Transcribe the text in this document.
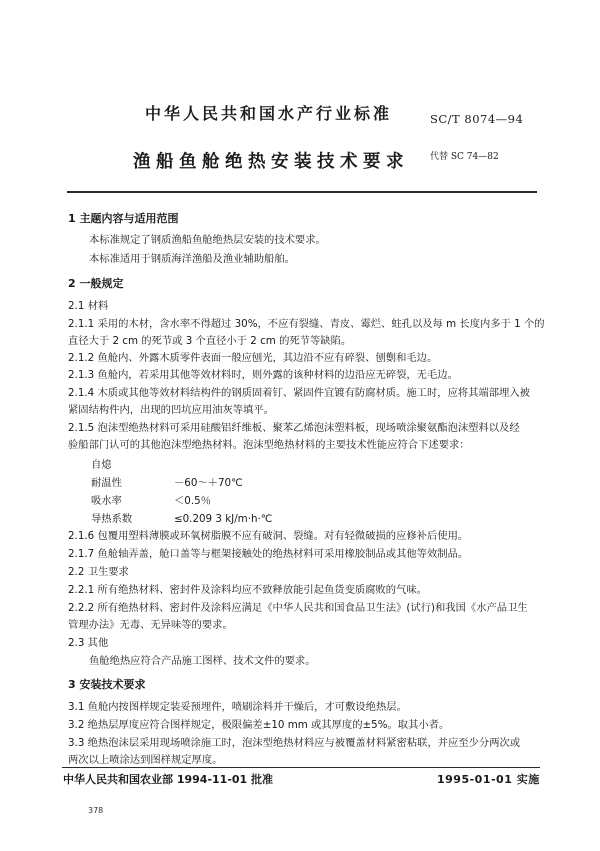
中华人民共和国水产行业标准	SC/T 8074—94
渔船鱼舱绝热安装技术要求 代替 SC 74—82
1 主题内容与适用范围
本标准规定了钢质渔船鱼舱绝热层安装的技术要求。
本标准适用于钢质海洋渔船及渔业辅助船舶。
2 一般规定
2.1 材料
2.1.1 采用的木材，含水率不得超过 30%，不应有裂缝、青皮、霉烂、蛀孔以及每 m 长度内多于 1 个的
直径大于 2 cm 的死节或 3 个直径小于 2 cm 的死节等缺陷。
2.1.2 鱼舱内、外露木质零件表面一般应刨光，其边沿不应有碎裂、刨劐和毛边。
2.1.3 鱼舱内，若采用其他等效材料时，则外露的该种材料的边沿应无碎裂，无毛边。
2.1.4 木质或其他等效材料结构件的钢质固着钉、紧固件宜镀有防腐材质。施工时，应将其端部埋入被
紧固结构件内，出现的凹坑应用油灰等填平。
2.1.5 泡沫型绝热材料可采用硅酸铝纤维板、聚苯乙烯泡沫塑料板，现场喷涂聚氨酯泡沫塑料以及经
验船部门认可的其他泡沫型绝热材料。泡沫型绝热材料的主要技术性能应符合下述要求：
自熄
耐温性	－60～＋70℃
吸水率	＜0.5％
导热系数	≤0.209 3 kJ/m·h·℃
2.1.6 包覆用塑料薄膜或环氧树脂膜不应有破洞、裂缝。对有轻微破损的应修补后使用。
2.1.7 鱼舱轴弄盖，舱口盖等与框架接触处的绝热材料可采用橡胶制品或其他等效制品。
2.2 卫生要求
2.2.1 所有绝热材料、密封件及涂料均应不致释放能引起鱼货变质腐败的气味。
2.2.2 所有绝热材料、密封件及涂料应满足《中华人民共和国食品卫生法》(试行)和我国《水产品卫生
管理办法》无毒、无异味等的要求。
2.3 其他
鱼舱绝热应符合产品施工图样、技术文件的要求。
3 安装技术要求
3.1 鱼舱内按图样规定装妥预埋件，喷刷涂料并干燥后，才可敷设绝热层。
3.2 绝热层厚度应符合图样规定，极限偏差±10 mm 或其厚度的±5%。取其小者。
3.3 绝热泡沫层采用现场喷涂施工时，泡沫型绝热材料应与被覆盖材料紧密粘联，并应至少分两次或
两次以上喷涂达到图样规定厚度。
中华人民共和国农业部 1994-11-01 批准	1995-01-01 实施
378
